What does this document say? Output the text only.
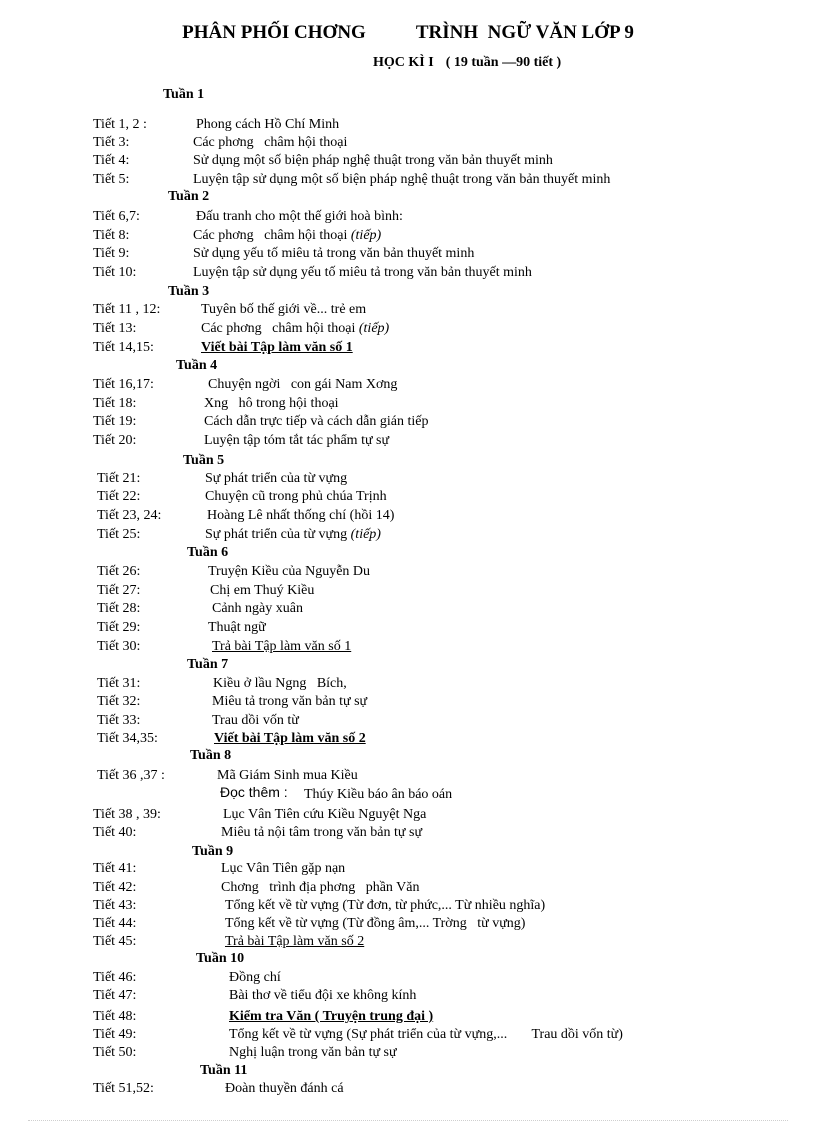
PHÂN PHỐI CHƠNG	TRÌNH  NGỮ VĂN LỚP 9
HỌC KÌ I ( 19 tuần —90 tiết )
Tuần 1
Tuần 2
Tuần 3
Tuần 4
Tuần 5
Tuần 6
Tuần 7
Tuần 8
Tuần 9
Tuần 10
Tuần 11
Tiết 1, 2 :	Phong cách Hồ Chí Minh
Tiết 3:	Các phơng   châm hội thoại
Tiết 4:	Sử dụng một số biện pháp nghệ thuật trong văn bản thuyết minh
Tiết 5:	Luyện tập sử dụng một số biện pháp nghệ thuật trong văn bản thuyết minh
Tiết 6,7:	Đấu tranh cho một thế giới hoà bình:
Tiết 8:	Các phơng   châm hội thoại (tiếp)
Tiết 9:	Sử dụng yếu tố miêu tả trong văn bản thuyết minh
Tiết 10:	Luyện tập sử dụng yếu tố miêu tả trong văn bản thuyết minh
Tiết 11 , 12:	Tuyên bố thế giới về... trẻ em
Tiết 13:	Các phơng   châm hội thoại (tiếp)
Tiết 14,15:	Viết bài Tập làm văn số 1
Tiết 16,17:	Chuyện ngời   con gái Nam Xơng
Tiết 18:	Xng   hô trong hội thoại
Tiết 19:	Cách dẫn trực tiếp và cách dẫn gián tiếp
Tiết 20:	Luyện tập tóm tắt tác phẩm tự sự
Tiết 21:	Sự phát triển của từ vựng
Tiết 22:	Chuyện cũ trong phủ chúa Trịnh
Tiết 23, 24:	Hoàng Lê nhất thống chí (hồi 14)
Tiết 25:	Sự phát triển của từ vựng (tiếp)
Tiết 26:	Truyện Kiều của Nguyễn Du
Tiết 27:	Chị em Thuý Kiều
Tiết 28:	Cảnh ngày xuân
Tiết 29:	Thuật ngữ
Tiết 30:	Trả bài Tập làm văn số 1
Tiết 31:	Kiều ở lầu Ngng   Bích,
Tiết 32:	Miêu tả trong văn bản tự sự
Tiết 33:	Trau dồi vốn từ
Tiết 34,35:	Viết bài Tập làm văn số 2
Tiết 36 ,37 :	Mã Giám Sinh mua Kiều
Đọc thêm : Thúy Kiều báo ân báo oán
Tiết 38 , 39:	Lục Vân Tiên cứu Kiều Nguyệt Nga
Tiết 40:	Miêu tả nội tâm trong văn bản tự sự
Tiết 41:	Lục Vân Tiên gặp nạn
Tiết 42:	Chơng   trình địa phơng   phần Văn
Tiết 43:	Tổng kết về từ vựng (Từ đơn, từ phức,... Từ nhiều nghĩa)
Tiết 44:	Tổng kết về từ vựng (Từ đồng âm,... Trờng   từ vựng)
Tiết 45:	Trả bài Tập làm văn số 2
Tiết 46:	Đồng chí
Tiết 47:	Bài thơ về tiểu đội xe không kính
Tiết 48:	Kiểm tra Văn ( Truyện trung đại )
Tiết 49:	Tổng kết về từ vựng (Sự phát triển của từ vựng,...       Trau dồi vốn từ)
Tiết 50:	Nghị luận trong văn bản tự sự
Tiết 51,52:	Đoàn thuyền đánh cá
